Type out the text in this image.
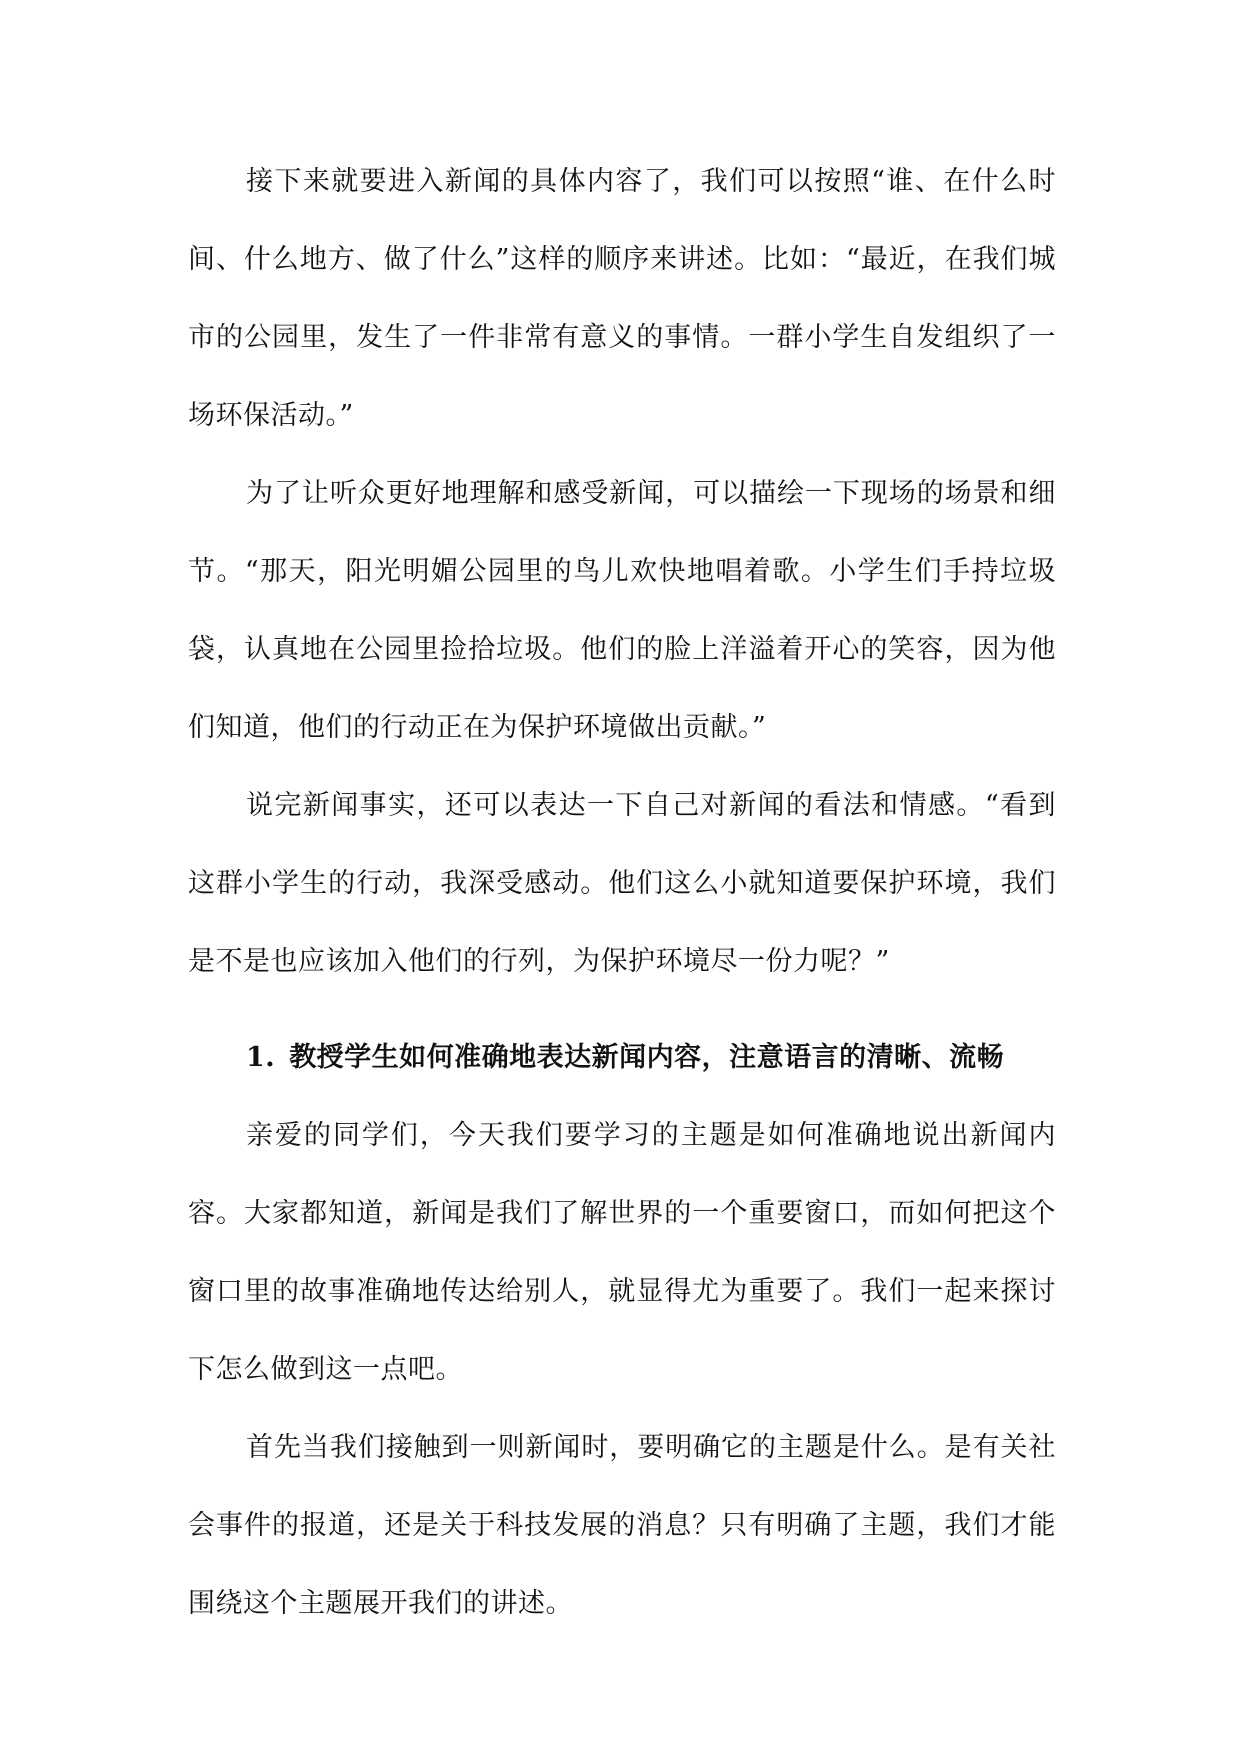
接下来就要进入新闻的具体内容了，我们可以按照“谁、在什么时间、什么地方、做了什么”这样的顺序来讲述。比如：“最近，在我们城市的公园里，发生了一件非常有意义的事情。一群小学生自发组织了一场环保活动。”

为了让听众更好地理解和感受新闻，可以描绘一下现场的场景和细节。“那天，阳光明媚公园里的鸟儿欢快地唱着歌。小学生们手持垃圾袋，认真地在公园里捡拾垃圾。他们的脸上洋溢着开心的笑容，因为他们知道，他们的行动正在为保护环境做出贡献。”

说完新闻事实，还可以表达一下自己对新闻的看法和情感。“看到这群小学生的行动，我深受感动。他们这么小就知道要保护环境，我们是不是也应该加入他们的行列，为保护环境尽一份力呢？”

1. 教授学生如何准确地表达新闻内容，注意语言的清晰、流畅

亲爱的同学们，今天我们要学习的主题是如何准确地说出新闻内容。大家都知道，新闻是我们了解世界的一个重要窗口，而如何把这个窗口里的故事准确地传达给别人，就显得尤为重要了。我们一起来探讨下怎么做到这一点吧。

首先当我们接触到一则新闻时，要明确它的主题是什么。是有关社会事件的报道，还是关于科技发展的消息？只有明确了主题，我们才能围绕这个主题展开我们的讲述。
